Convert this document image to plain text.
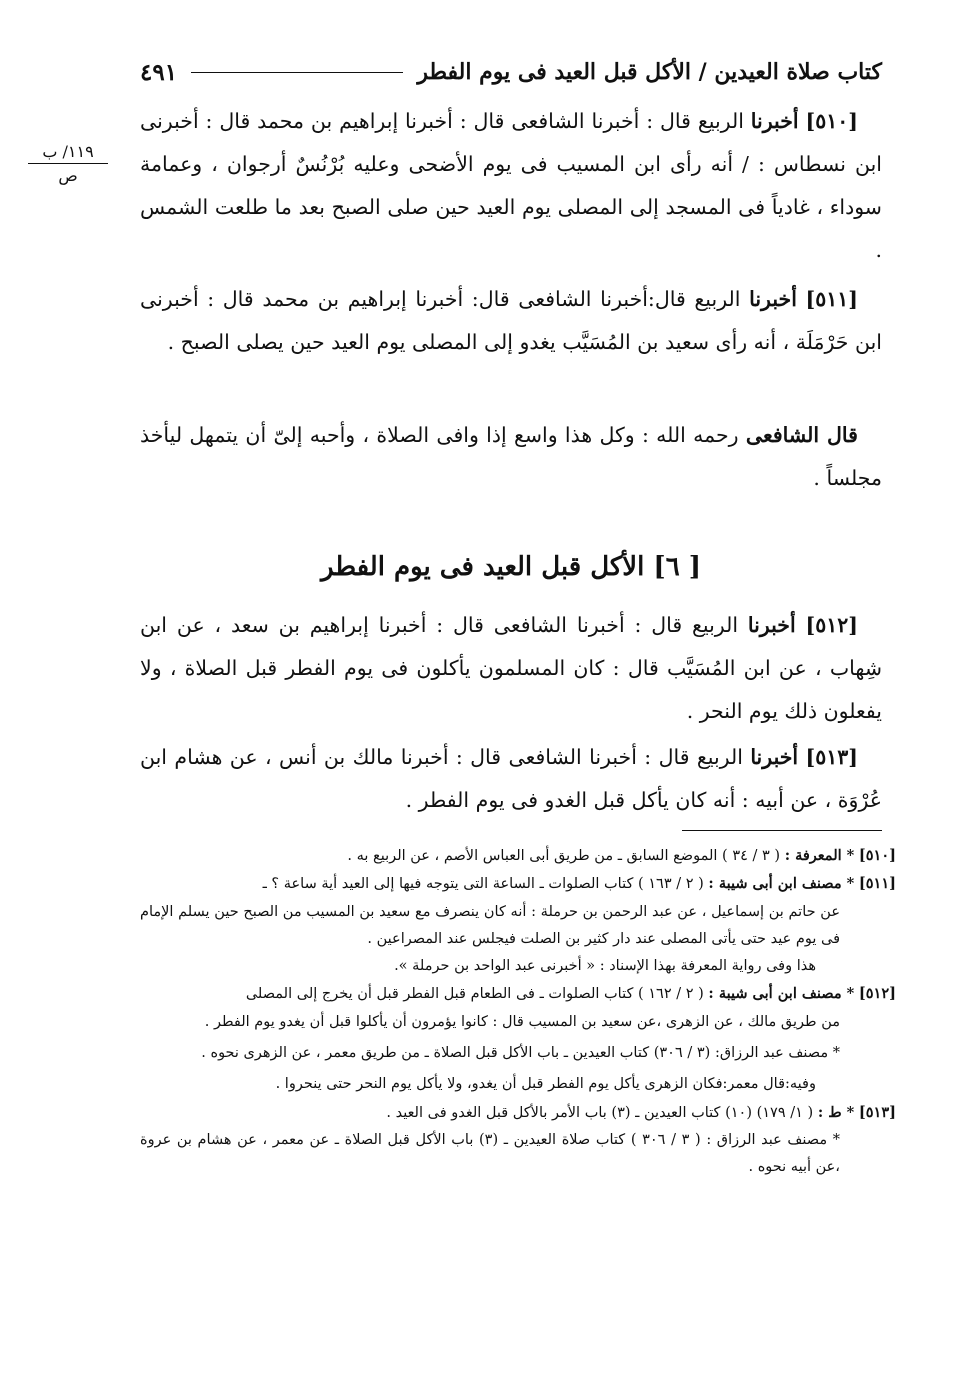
كتاب صلاة العيدين / الأكل قبل العيد فى يوم الفطر
٤٩١
١١٩/ ب
ص

[٥١٠] أخبرنا الربيع قال : أخبرنا الشافعى قال : أخبرنا إبراهيم بن محمد قال : أخبرنى ابن نسطاس : / أنه رأى ابن المسيب فى يوم الأضحى وعليه بُرْنُسٌ أرجوان ، وعمامة سوداء ، غادياً فى المسجد إلى المصلى يوم العيد حين صلى الصبح بعد ما طلعت الشمس .

[٥١١] أخبرنا الربيع قال:أخبرنا الشافعى قال: أخبرنا إبراهيم بن محمد قال : أخبرنى ابن حَرْمَلَة ، أنه رأى سعيد بن المُسَيَّب يغدو إلى المصلى يوم العيد حين يصلى الصبح .

قال الشافعى رحمه الله : وكل هذا واسع إذا وافى الصلاة ، وأحبه إلىّ أن يتمهل ليأخذ مجلساً .

[ ٦] الأكل قبل العيد فى يوم الفطر

[٥١٢] أخبرنا الربيع قال : أخبرنا الشافعى قال : أخبرنا إبراهيم بن سعد ، عن ابن شِهاب ، عن ابن المُسَيَّب قال : كان المسلمون يأكلون فى يوم الفطر قبل الصلاة ، ولا يفعلون ذلك يوم النحر .

[٥١٣] أخبرنا الربيع قال : أخبرنا الشافعى قال : أخبرنا مالك بن أنس ، عن هشام ابن عُرْوَة ، عن أبيه : أنه كان يأكل قبل الغدو فى يوم الفطر .

[٥١٠] * المعرفة : ( ٣ / ٣٤ ) الموضع السابق ـ من طريق أبى العباس الأصم ، عن الربيع به .

[٥١١] * مصنف ابن أبى شيبة : ( ٢ / ١٦٣ ) كتاب الصلوات ـ الساعة التى يتوجه فيها إلى العيد أية ساعة ؟ ـ

عن حاتم بن إسماعيل ، عن عبد الرحمن بن حرملة : أنه كان ينصرف مع سعيد بن المسيب من الصبح حين يسلم الإمام فى يوم عيد حتى يأتى المصلى عند دار كثير بن الصلت فيجلس عند المصراعين .

هذا وفى رواية المعرفة بهذا الإسناد : « أخبرنى عبد الواحد بن حرملة ».

[٥١٢] * مصنف ابن أبى شيبة : ( ٢ / ١٦٢ ) كتاب الصلوات ـ فى الطعام قبل الفطر قبل أن يخرج إلى المصلى

من طريق مالك ، عن الزهرى ،عن سعيد بن المسيب قال : كانوا يؤمرون أن يأكلوا قبل أن يغدو يوم الفطر .

* مصنف عبد الرزاق: (٣ / ٣٠٦) كتاب العيدين ـ باب الأكل قبل الصلاة ـ من طريق معمر ، عن الزهرى نحوه .

وفيه:قال معمر:فكان الزهرى يأكل يوم الفطر قبل أن يغدو، ولا يأكل يوم النحر حتى ينحروا .

[٥١٣] * ط : ( ١/ ١٧٩) (١٠) كتاب العيدين ـ (٣) باب الأمر بالأكل قبل الغدو فى العيد .

* مصنف عبد الرزاق : ( ٣ / ٣٠٦ ) كتاب صلاة العيدين ـ (٣) باب الأكل قبل الصلاة ـ عن معمر ، عن هشام بن عروة ،عن أبيه نحوه .
